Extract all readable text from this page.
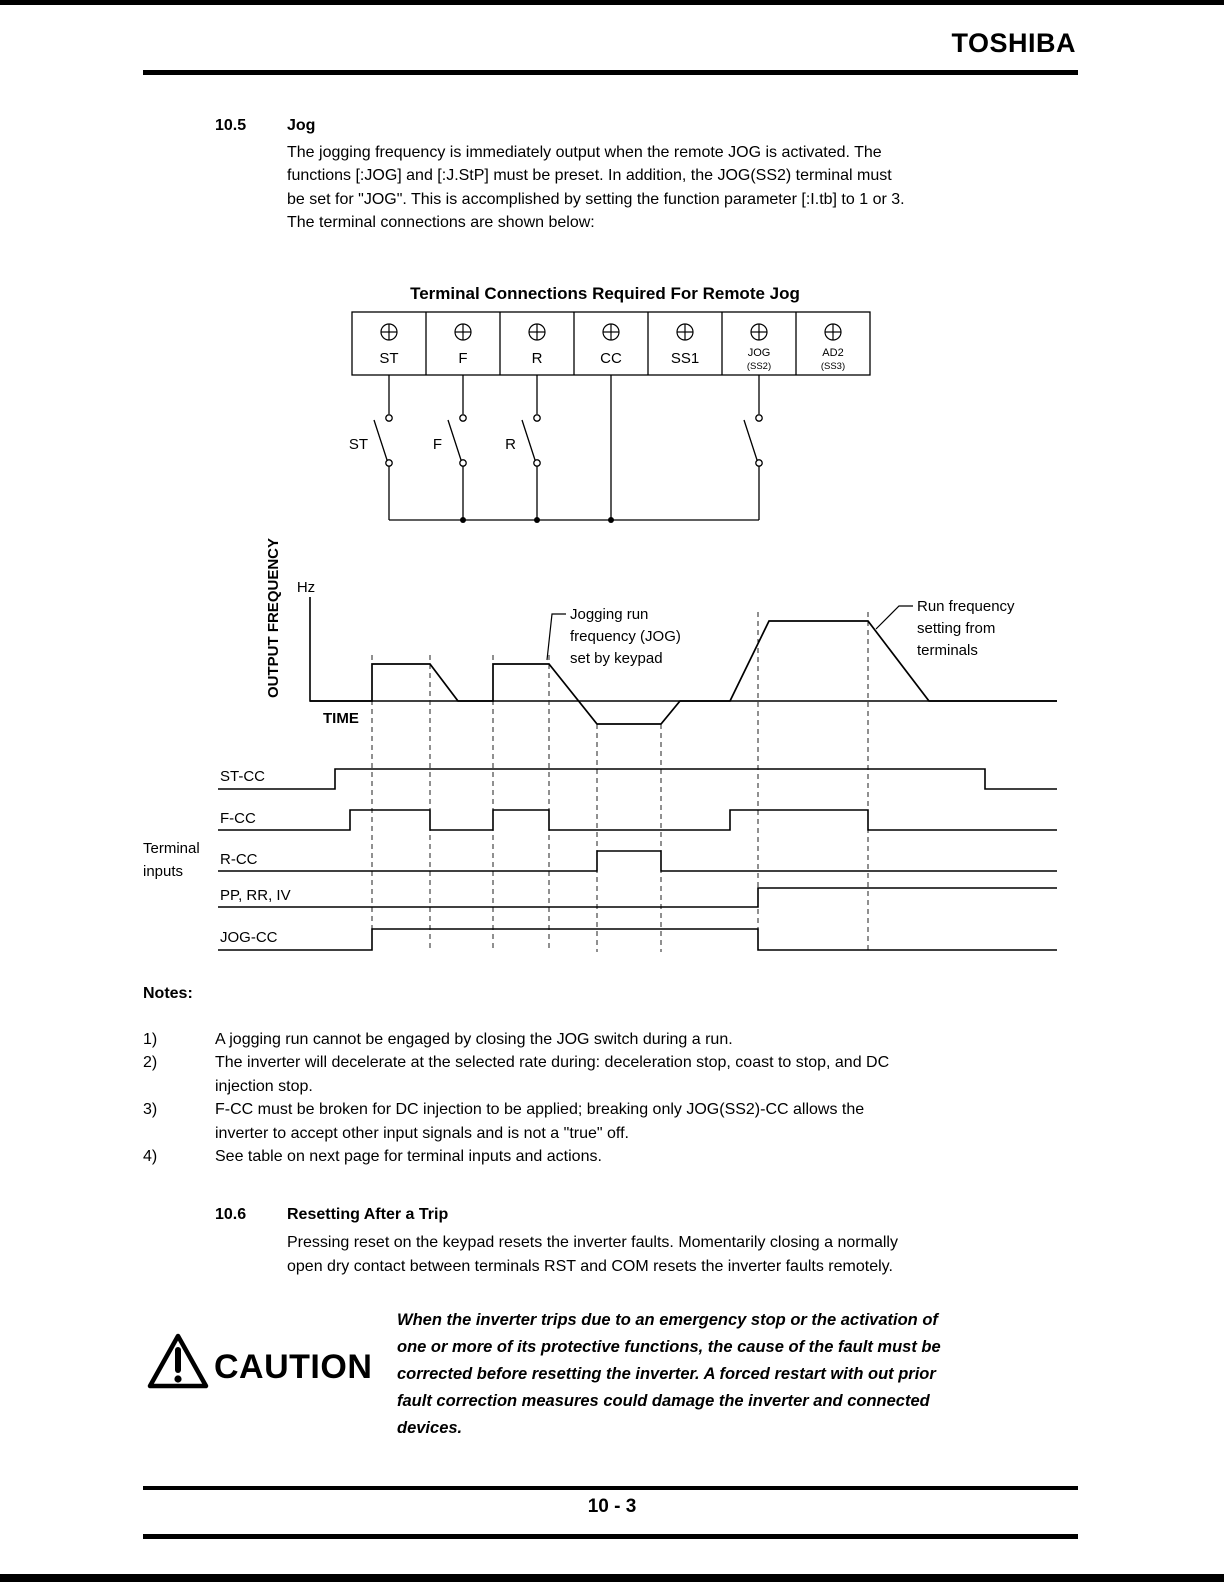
TOSHIBA
10.5	Jog
The jogging frequency is immediately output when the remote JOG is activated. The
functions [:JOG] and [:J.StP] must be preset. In addition, the JOG(SS2) terminal must
be set for "JOG". This is accomplished by setting the function parameter [:I.tb] to 1 or 3.
The terminal connections are shown below:
Terminal Connections Required For Remote Jog
ST	F	R	CC	SS1	JOG
(SS2)
AD2
(SS3)
ST	F	R
OUTPUT FREQUENCY Hz
TIME
Jogging run
frequency (JOG)
set by keypad
Run frequency
setting from
terminals
Terminal
inputs
ST-CC
F-CC
R-CC
PP, RR, IV
JOG-CC
Notes:
1)	A jogging run cannot be engaged by closing the JOG switch during a run.
2)	The inverter will decelerate at the selected rate during: deceleration stop, coast to stop, and DC
injection stop.
3)	F-CC must be broken for DC injection to be applied; breaking only JOG(SS2)-CC allows the
inverter to accept other input signals and is not a "true" off.
4)	See table on next page for terminal inputs and actions.
10.6	Resetting After a Trip
Pressing reset on the keypad resets the inverter faults. Momentarily closing a normally
open dry contact between terminals RST and COM resets the inverter faults remotely.
CAUTION
When the inverter trips due to an emergency stop or the activation of
one or more of its protective functions, the cause of the fault must be
corrected before resetting the inverter. A forced restart with out prior
fault correction measures could damage the inverter and connected
devices.
10 - 3
